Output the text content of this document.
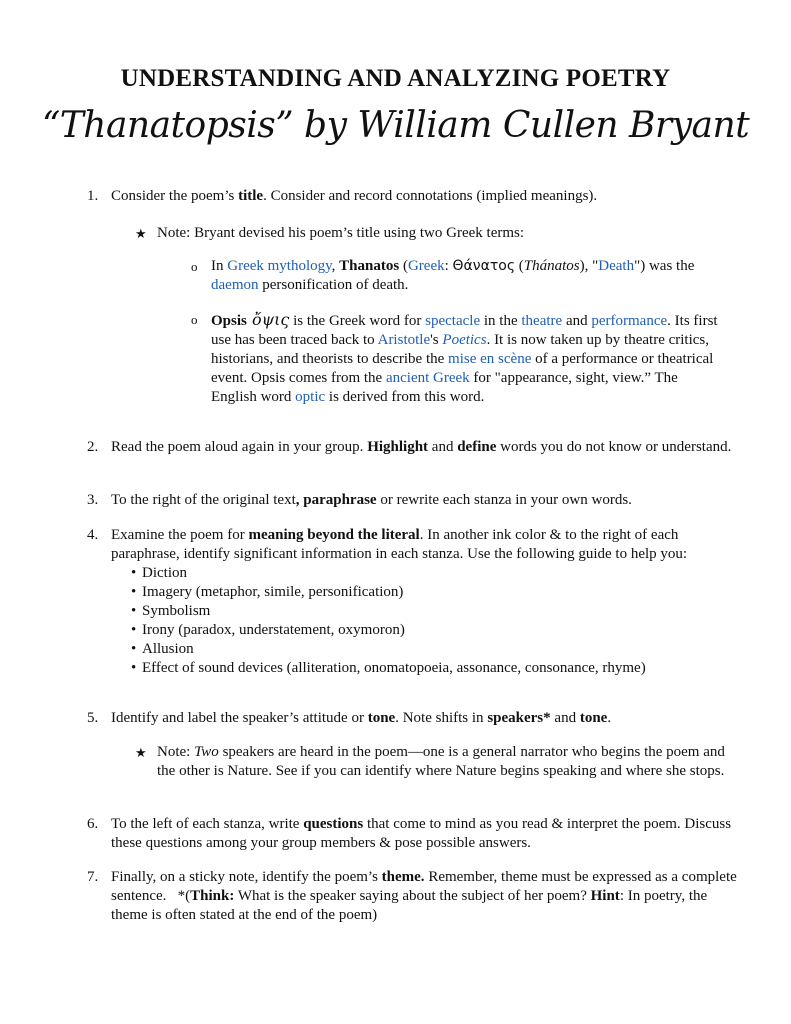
UNDERSTANDING AND ANALYZING POETRY
“Thanatopsis” by William Cullen Bryant
1. Consider the poem’s title. Consider and record connotations (implied meanings).
★ Note: Bryant devised his poem’s title using two Greek terms:
o In Greek mythology, Thanatos (Greek: Θάνατος (Thánatos), "Death") was the daemon personification of death.
o Opsis ὄψις is the Greek word for spectacle in the theatre and performance. Its first use has been traced back to Aristotle's Poetics. It is now taken up by theatre critics, historians, and theorists to describe the mise en scène of a performance or theatrical event. Opsis comes from the ancient Greek for "appearance, sight, view.” The English word optic is derived from this word.
2. Read the poem aloud again in your group. Highlight and define words you do not know or understand.
3. To the right of the original text, paraphrase or rewrite each stanza in your own words.
4. Examine the poem for meaning beyond the literal. In another ink color & to the right of each paraphrase, identify significant information in each stanza. Use the following guide to help you:
• Diction
• Imagery (metaphor, simile, personification)
• Symbolism
• Irony (paradox, understatement, oxymoron)
• Allusion
• Effect of sound devices (alliteration, onomatopoeia, assonance, consonance, rhyme)
5. Identify and label the speaker’s attitude or tone. Note shifts in speakers* and tone.
★ Note: Two speakers are heard in the poem—one is a general narrator who begins the poem and the other is Nature. See if you can identify where Nature begins speaking and where she stops.
6. To the left of each stanza, write questions that come to mind as you read & interpret the poem. Discuss these questions among your group members & pose possible answers.
7. Finally, on a sticky note, identify the poem’s theme. Remember, theme must be expressed as a complete sentence.   *(Think: What is the speaker saying about the subject of her poem? Hint: In poetry, the theme is often stated at the end of the poem)
